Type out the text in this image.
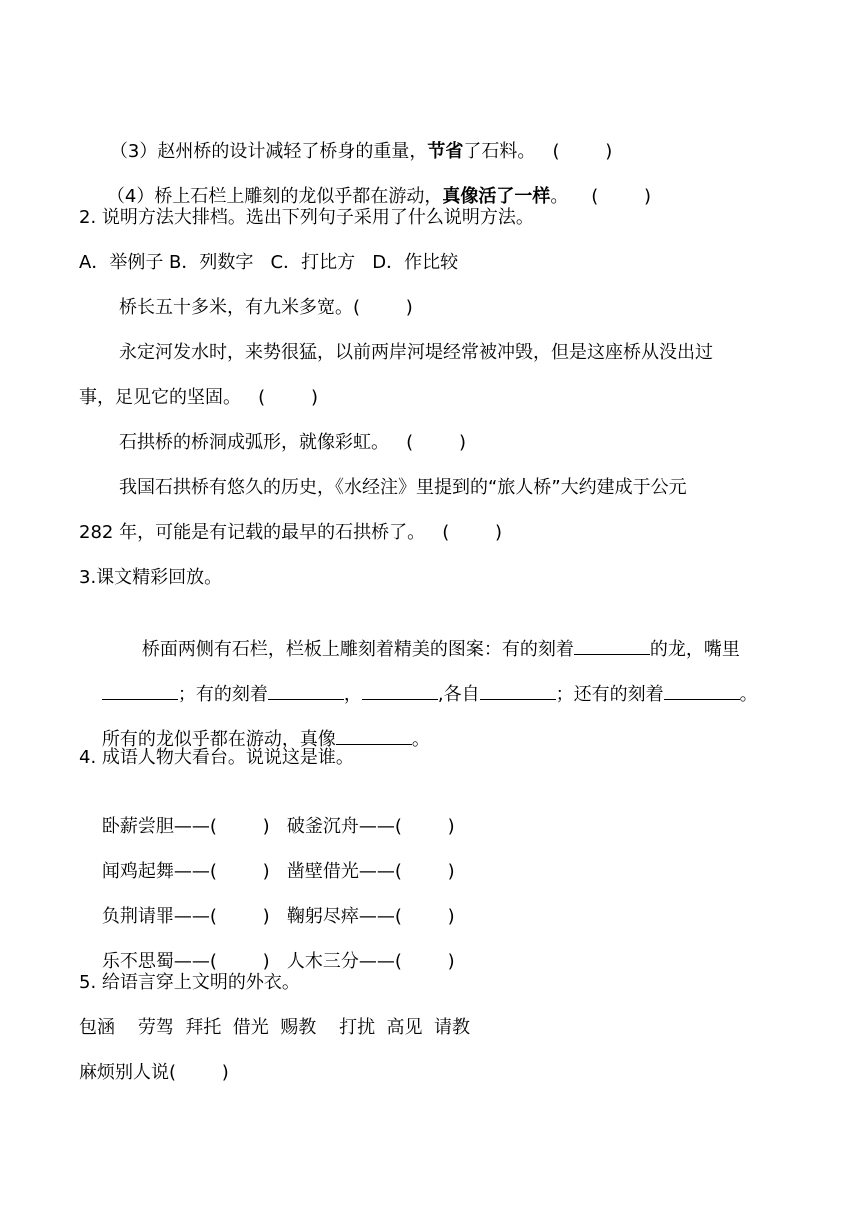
（3）赵州桥的设计减轻了桥身的重量，节省了石料。 (        )

（4）桥上石栏上雕刻的龙似乎都在游动，真像活了一样。 (        )

2. 说明方法大排档。选出下列句子采用了什么说明方法。
A．举例子 B．列数字   C．打比方   D．作比较
桥长五十多米，有九米多宽。(        )
永定河发水时，来势很猛，以前两岸河堤经常被冲毁，但是这座桥从没出过
事，足见它的坚固。   (        )
石拱桥的桥洞成弧形，就像彩虹。   (        )
我国石拱桥有悠久的历史，《水经注》里提到的“旅人桥”大约建成于公元
282 年，可能是有记载的最早的石拱桥了。   (        )
3.课文精彩回放。

桥面两侧有石栏，栏板上雕刻着精美的图案：有的刻着	的龙，嘴里

；有的刻着	，	,各自	；还有的刻着	。

所有的龙似乎都在游动，真像	。

4. 成语人物大看台。说说这是谁。

卧薪尝胆——(        ) 破釜沉舟——(        )

闻鸡起舞——(        ) 凿壁借光——(        )

负荆请罪——(        ) 鞠躬尽瘁——(        )

乐不思蜀——(        ) 人木三分——(        )

5. 给语言穿上文明的外衣。
包涵    劳驾  拜托  借光  赐教    打扰  高见  请教
麻烦别人说(        )
